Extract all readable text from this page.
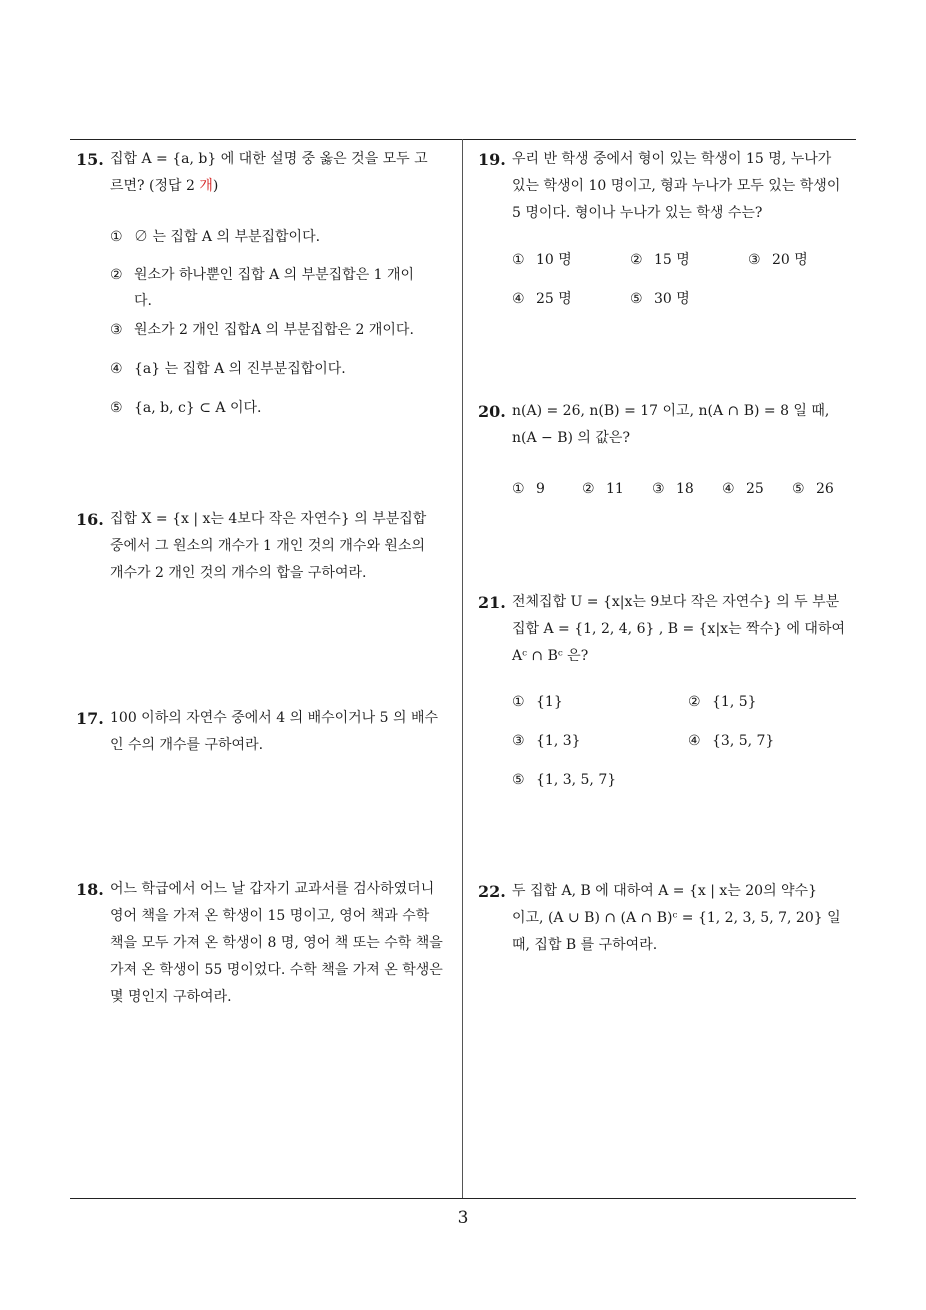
15. 집합 A = {a, b} 에 대한 설명 중 옳은 것을 모두 고
르면? (정답 2 개)
① ∅ 는 집합 A 의 부분집합이다.
② 원소가 하나뿐인 집합 A 의 부분집합은 1 개이
다.
③ 원소가 2 개인 집합A 의 부분집합은 2 개이다.
④ {a} 는 집합 A 의 진부분집합이다.
⑤ {a, b, c} ⊂ A 이다.
16. 집합 X = {x | x는 4보다 작은 자연수} 의 부분집합
중에서 그 원소의 개수가 1 개인 것의 개수와 원소의
개수가 2 개인 것의 개수의 합을 구하여라.
17. 100 이하의 자연수 중에서 4 의 배수이거나 5 의 배수
인 수의 개수를 구하여라.
18. 어느 학급에서 어느 날 갑자기 교과서를 검사하였더니
영어 책을 가져 온 학생이 15 명이고, 영어 책과 수학
책을 모두 가져 온 학생이 8 명, 영어 책 또는 수학 책을
가져 온 학생이 55 명이었다. 수학 책을 가져 온 학생은
몇 명인지 구하여라.
19. 우리 반 학생 중에서 형이 있는 학생이 15 명, 누나가
있는 학생이 10 명이고, 형과 누나가 모두 있는 학생이
5 명이다. 형이나 누나가 있는 학생 수는?
① 10 명	② 15 명	③ 20 명
④ 25 명	⑤ 30 명
20. n(A) = 26, n(B) = 17 이고, n(A ∩ B) = 8 일 때,
n(A − B) 의 값은?
① 9	② 11 ③ 18 ④ 25 ⑤ 26
21. 전체집합 U = {x|x는 9보다 작은 자연수} 의 두 부분
집합 A = {1, 2, 4, 6} , B = {x|x는 짝수} 에 대하여
Aᶜ ∩ Bᶜ 은?
① {1}	② {1, 5}
③ {1, 3}	④ {3, 5, 7}
⑤ {1, 3, 5, 7}
22. 두 집합 A, B 에 대하여 A = {x | x는 20의 약수}
이고, (A ∪ B) ∩ (A ∩ B)ᶜ = {1, 2, 3, 5, 7, 20} 일
때, 집합 B 를 구하여라.
3
